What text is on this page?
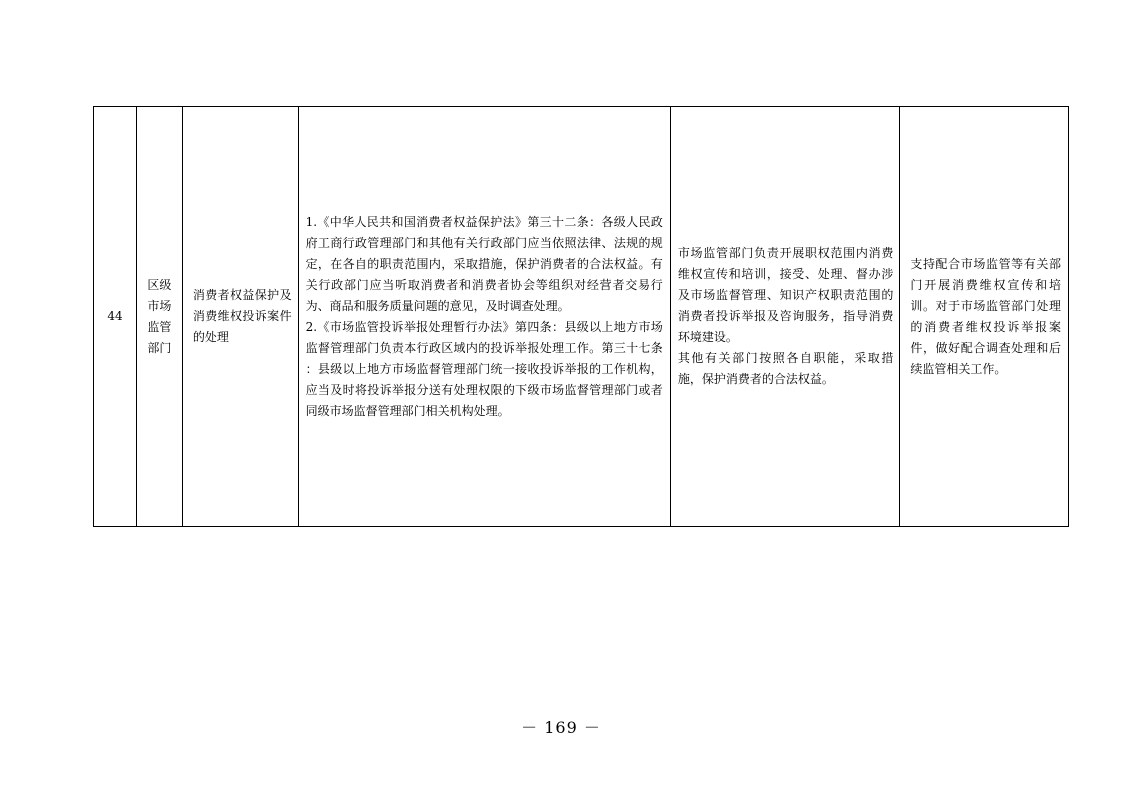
44
区级市场监管部门
消费者权益保护及消费维权投诉案件的处理
1.《中华人民共和国消费者权益保护法》第三十二条：各级人民政府工商行政管理部门和其他有关行政部门应当依照法律、法规的规定，在各自的职责范围内，采取措施，保护消费者的合法权益。有关行政部门应当听取消费者和消费者协会等组织对经营者交易行为、商品和服务质量问题的意见，及时调查处理。
2.《市场监管投诉举报处理暂行办法》第四条：县级以上地方市场监督管理部门负责本行政区域内的投诉举报处理工作。第三十七条 ：县级以上地方市场监督管理部门统一接收投诉举报的工作机构，应当及时将投诉举报分送有处理权限的下级市场监督管理部门或者同级市场监督管理部门相关机构处理。
市场监管部门负责开展职权范围内消费维权宣传和培训，接受、处理、督办涉及市场监督管理、知识产权职责范围的消费者投诉举报及咨询服务，指导消费环境建设。
其他有关部门按照各自职能，采取措施，保护消费者的合法权益。
支持配合市场监管等有关部门开展消费维权宣传和培训。对于市场监管部门处理的消费者维权投诉举报案件，做好配合调查处理和后续监管相关工作。
－ 169 －
